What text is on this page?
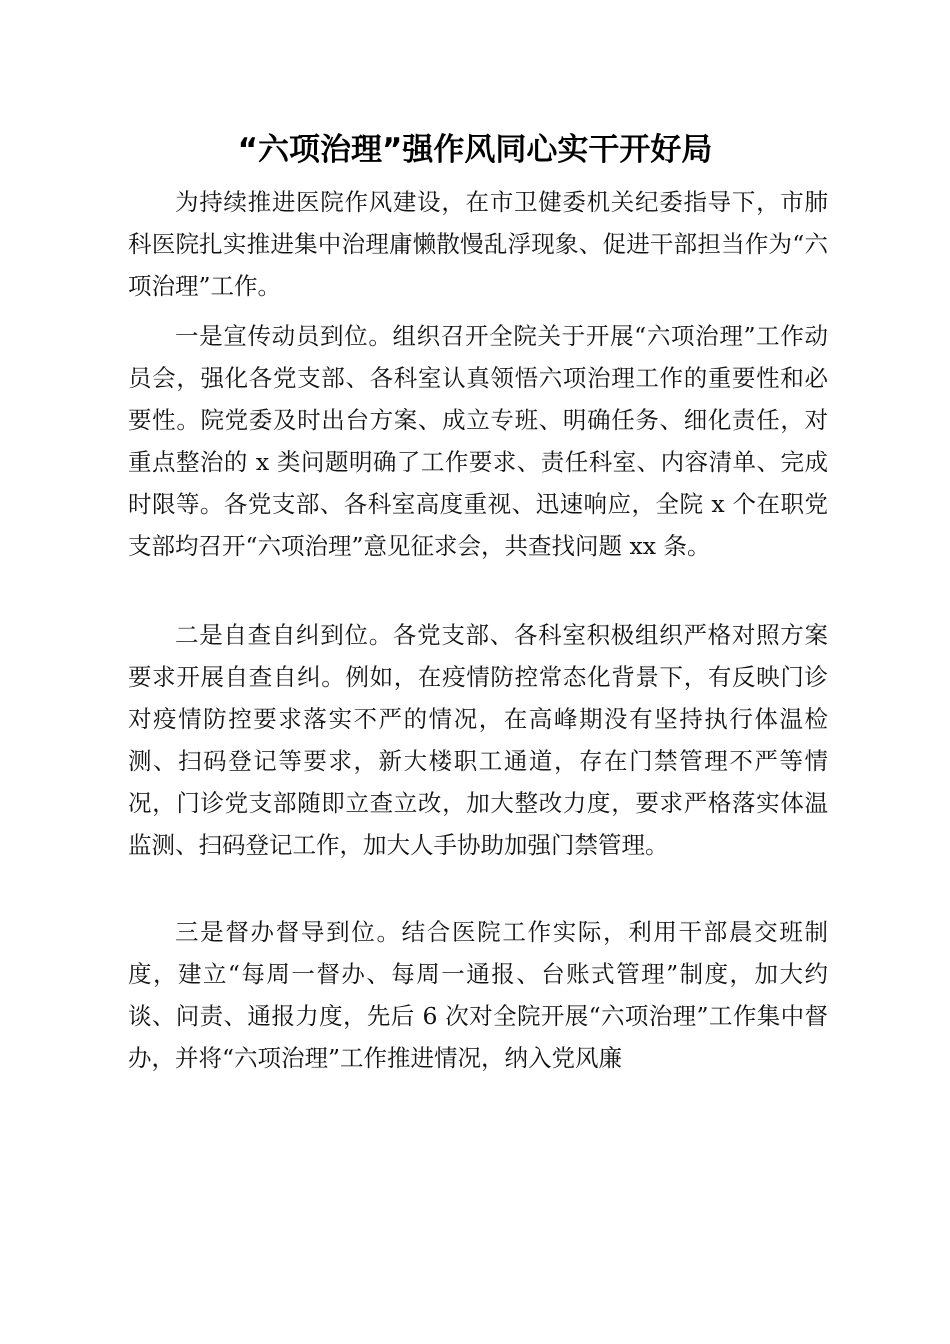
“六项治理”强作风同心实干开好局

为持续推进医院作风建设，在市卫健委机关纪委指导下，市肺科医院扎实推进集中治理庸懒散慢乱浮现象、促进干部担当作为“六项治理”工作。

一是宣传动员到位。组织召开全院关于开展“六项治理”工作动员会，强化各党支部、各科室认真领悟六项治理工作的重要性和必要性。院党委及时出台方案、成立专班、明确任务、细化责任，对重点整治的 x 类问题明确了工作要求、责任科室、内容清单、完成时限等。各党支部、各科室高度重视、迅速响应，全院 x 个在职党支部均召开“六项治理”意见征求会，共查找问题 xx 条。

二是自查自纠到位。各党支部、各科室积极组织严格对照方案要求开展自查自纠。例如，在疫情防控常态化背景下，有反映门诊对疫情防控要求落实不严的情况，在高峰期没有坚持执行体温检测、扫码登记等要求，新大楼职工通道，存在门禁管理不严等情况，门诊党支部随即立查立改，加大整改力度，要求严格落实体温监测、扫码登记工作，加大人手协助加强门禁管理。

三是督办督导到位。结合医院工作实际，利用干部晨交班制度，建立“每周一督办、每周一通报、台账式管理”制度，加大约谈、问责、通报力度，先后 6 次对全院开展“六项治理”工作集中督办，并将“六项治理”工作推进情况，纳入党风廉
